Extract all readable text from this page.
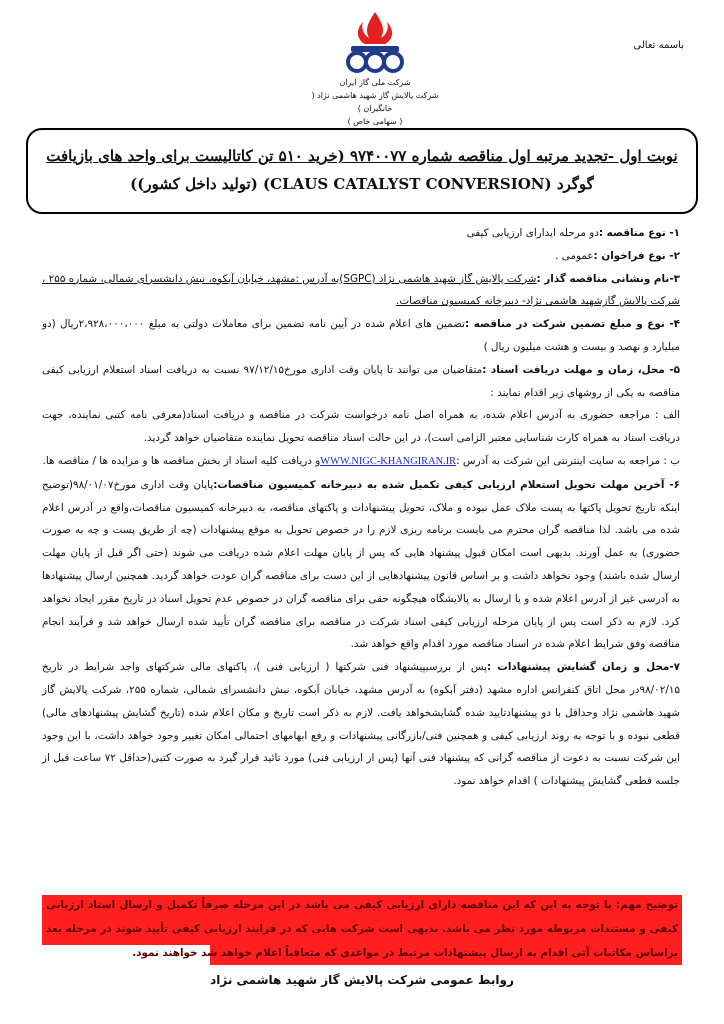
باسمه تعالی

شرکت ملی گاز ایران

شرکت پالایش گاز شهید هاشمی نژاد ( خانگیران )

( سهامی خاص )

نوبت اول -تجدید مرتبه اول مناقصه شماره ۹۷۴۰۰۷۷ (خرید ۵۱۰ تن کاتالیست برای واحد های بازیافت

گوگرد (CLAUS CATALYST CONVERSION) (تولید داخل کشور))

۱- نوع مناقصه :دو مرحله ایدارای ارزیابی کیفی

۲- نوع فراخوان :عمومی .

۳-نام ونشانی مناقصه گذار :شرکت پالایش گاز شهید هاشمی نژاد (SGPC)به آدرس :مشهد، خیابان آبکوه، نبش دانشسرای شمالی، شماره ۲۵۵ ، شرکت پالایش گازشهید هاشمی نژاد- دبیرخانه کمیسیون مناقصات.

۴- نوع و مبلغ تضمین شرکت در مناقصه :تضمین های اعلام شده در آیین نامه تضمین برای معاملات دولتی به مبلغ ۲،۹۲۸،۰۰۰،۰۰۰ریال (دو میلیارد و نهصد و بیست و هشت میلیون ریال )

۵- محل، زمان و مهلت دریافت اسناد :متقاضیان می توانند تا پایان وقت اداری مورخ۹۷/۱۲/۱۵ نسبت به دریافت اسناد استعلام ارزیابی کیفی مناقصه به یکی از روشهای زیر اقدام نمایند :

الف : مراجعه حضوری به آدرس اعلام شده، به همراه اصل نامه درخواست شرکت در مناقصه و دریافت اسناد(معرفی نامه کتبی نماینده، جهت دریافت اسناد به همراه کارت شناسایی معتبر الزامی است)، در این حالت اسناد مناقصه تحویل نماینده متقاضیان خواهد گردید.

ب : مراجعه به سایت اینترنتی این شرکت به آدرس :WWW.NIGC-KHANGIRAN.IRو دریافت کلیه اسناد از بخش مناقصه ها و مزایده ها / مناقصه ها.

۶- آخرین مهلت تحویل استعلام ارزیابی کیفی تکمیل شده به دبیرخانه کمیسیون مناقصات:پایان وقت اداری مورخ۹۸/۰۱/۰۷(توضیح اینکه تاریخ تحویل پاکتها به پست ملاک عمل نبوده و ملاک، تحویل پیشنهادات و پاکتهای مناقصه، به دبیرخانه کمیسیون مناقصات،واقع در آدرس اعلام شده می باشد. لذا مناقصه گران محترم می بایست برنامه ریزی لازم را در خصوص تحویل به موقع پیشنهادات (چه از طریق پست و چه به صورت حضوری) به عمل آورند. بدیهی است امکان قبول پیشنهاد هایی که پس از پایان مهلت اعلام شده دریافت می شوند (حتی اگر قبل از پایان مهلت ارسال شده باشند) وجود نخواهد داشت و بر اساس قانون پیشنهادهایی از این دست برای مناقصه گران عودت خواهد گردید. همچنین ارسال پیشنهادها به آدرسی غیر از آدرس اعلام شده و یا ارسال به پالایشگاه هیچگونه حقی برای مناقصه گران در خصوص عدم تحویل اسناد در تاریخ مقرر ایجاد نخواهد کرد. لازم به ذکر است پس از پایان مرحله ارزیابی کیفی اسناد شرکت در مناقصه برای مناقصه گران تأیید شده ارسال خواهد شد و فرآیند انجام مناقصه وفق شرایط اعلام شده در اسناد مناقصه مورد اقدام واقع خواهد شد.

۷-محل و زمان گشایش پیشنهادات :پس از بررسیپیشنهاد فنی شرکتها ( ارزیابی فنی )، پاکتهای مالی شرکتهای واجد شرایط در تاریخ ۹۸/۰۲/۱۵در محل اتاق کنفرانس اداره مشهد (دفتر آبکوه) به آدرس مشهد، خیابان آبکوه، نبش دانشسرای شمالی، شماره ۲۵۵، شرکت پالایش گاز شهید هاشمی نژاد وحداقل با دو پیشنهادتایید شده گشایشخواهد یافت. لازم به ذکر است تاریخ و مکان اعلام شده (تاریخ گشایش پیشنهادهای مالی) قطعی نبوده و با توجه به روند ارزیابی کیفی و همچنین فنی/بازرگانی پیشنهادات و رفع ابهامهای احتمالی امکان تغییر وجود خواهد داشت، با این وجود این شرکت نسبت به دعوت از مناقصه گرانی که پیشنهاد فنی آنها (پس از ارزیابی فنی) مورد تائید قرار گیرد به صورت کتبی(حداقل ۷۲ ساعت قبل از جلسه قطعی گشایش پیشنهادات ) اقدام خواهد نمود.

توضیح مهم: با توجه به این که این مناقصه دارای ارزیابی کیفی می باشد در این مرحله صرفاً تکمیل و ارسال اسناد ارزیابی کیفی و مستندات مربوطه مورد نظر می باشد. بدیهی است شرکت هایی که در فرایند ارزیابی کیفی تأیید شوند در مرحله بعد براساس مکاتبات آتی اقدام به ارسال پیشنهادات مرتبط در مواعدی که متعاقباً اعلام خواهد شد خواهند نمود.

روابط عمومی شرکت پالایش گاز شهید هاشمی نژاد
